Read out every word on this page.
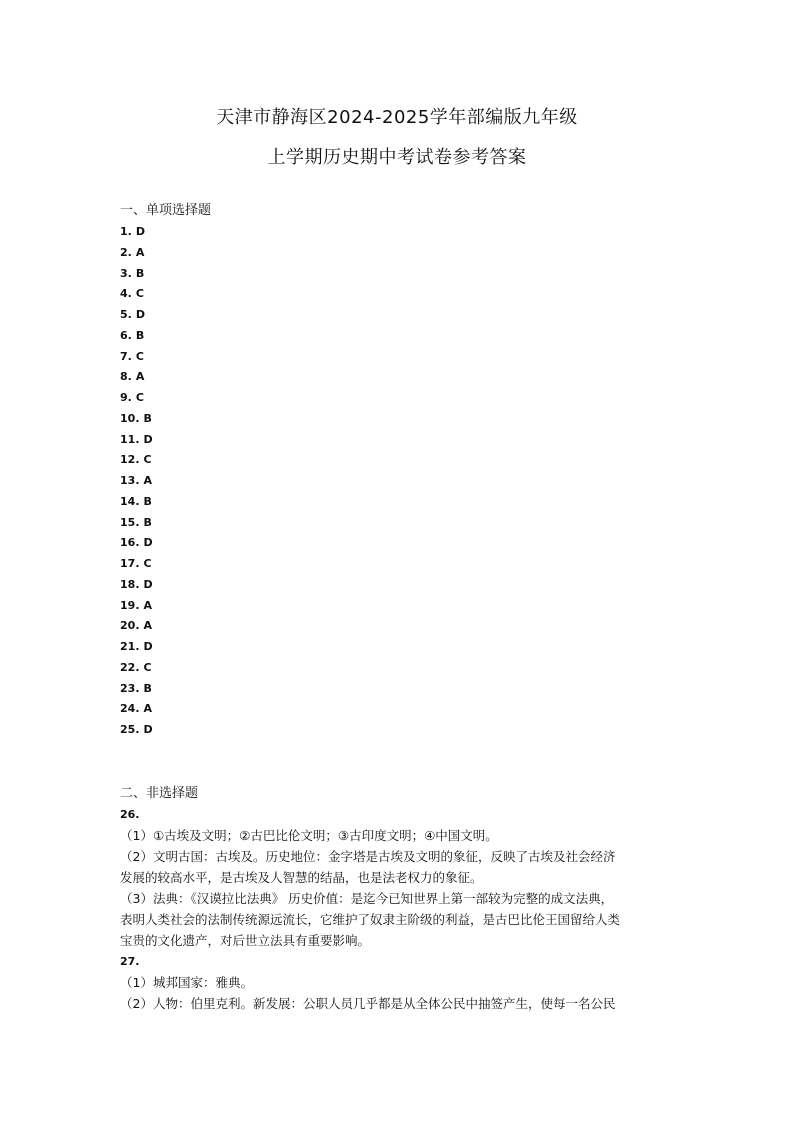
天津市静海区2024-2025学年部编版九年级
上学期历史期中考试卷参考答案
一、单项选择题
1 . D
2 . A
3 . B
4 . C
5 . D
6 . B
7 . C
8 . A
9 . C
10 . B
11 . D
12 . C
13 . A
14 . B
15 . B
16 . D
17 . C
18 . D
19 . A
20 . A
21 . D
22 . C
23 . B
24 . A
25 . D
二、非选择题
26.
（1）①古埃及文明；②古巴比伦文明；③古印度文明；④中国文明。
（2）文明古国：古埃及。历史地位：金字塔是古埃及文明的象征，反映了古埃及社会经济
发展的较高水平，是古埃及人智慧的结晶，也是法老权力的象征。
（3）法典：《汉谟拉比法典》 历史价值：是迄今已知世界上第一部较为完整的成文法典，
表明人类社会的法制传统源远流长，它维护了奴隶主阶级的利益，是古巴比伦王国留给人类
宝贵的文化遗产，对后世立法具有重要影响。
27.
（1）城邦国家：雅典。
（2）人物：伯里克利。新发展：公职人员几乎都是从全体公民中抽签产生，使每一名公民
